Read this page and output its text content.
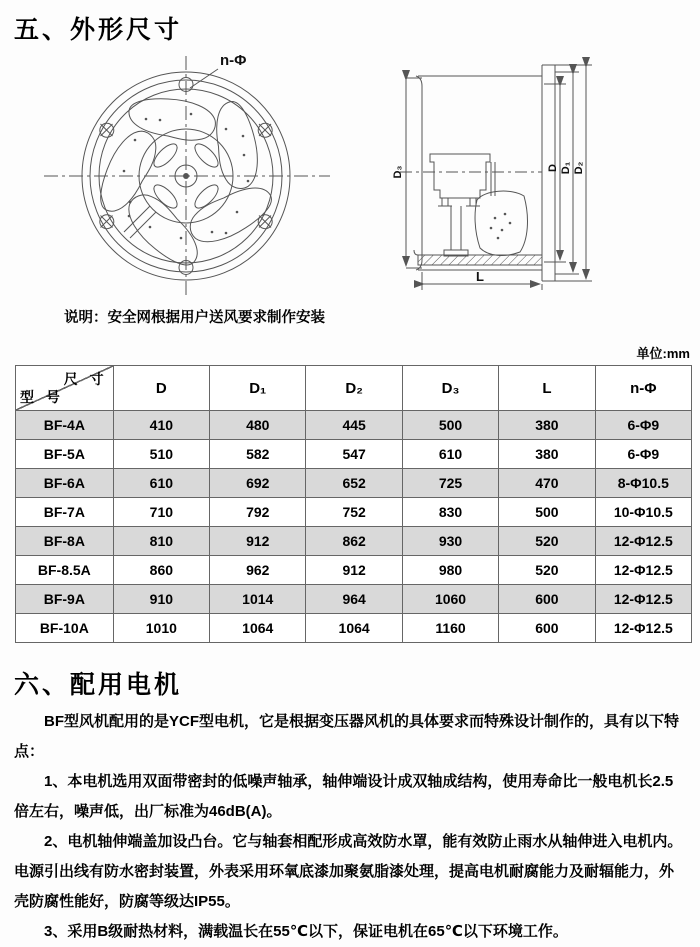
五、外形尺寸
n-Φ
D₃	D D₁ D₂
L
说明：安全网根据用户送风要求制作安装
单位:mm
尺 寸
型 号	D	D₁	D₂	D₃	L	n-Φ
BF-4A	410	480	445	500	380	6-Φ9
BF-5A	510	582	547	610	380	6-Φ9
BF-6A	610	692	652	725	470	8-Φ10.5
BF-7A	710	792	752	830	500	10-Φ10.5
BF-8A	810	912	862	930	520	12-Φ12.5
BF-8.5A	860	962	912	980	520	12-Φ12.5
BF-9A	910	1014	964	1060	600	12-Φ12.5
BF-10A	1010	1064	1064	1160	600	12-Φ12.5
六、配用电机

BF型风机配用的是YCF型电机，它是根据变压器风机的具体要求而特殊设计制作的，具有以下特点：

1、本电机选用双面带密封的低噪声轴承，轴伸端设计成双轴成结构，使用寿命比一般电机长2.5倍左右，噪声低，出厂标准为46dB(A)。

2、电机轴伸端盖加设凸台。它与轴套相配形成高效防水罩，能有效防止雨水从轴伸进入电机内。电源引出线有防水密封装置，外表采用环氧底漆加聚氨脂漆处理，提高电机耐腐能力及耐辐能力，外壳防腐性能好，防腐等级达IP55。

3、采用B级耐热材料，满载温长在55℃以下，保证电机在65℃以下环境工作。
